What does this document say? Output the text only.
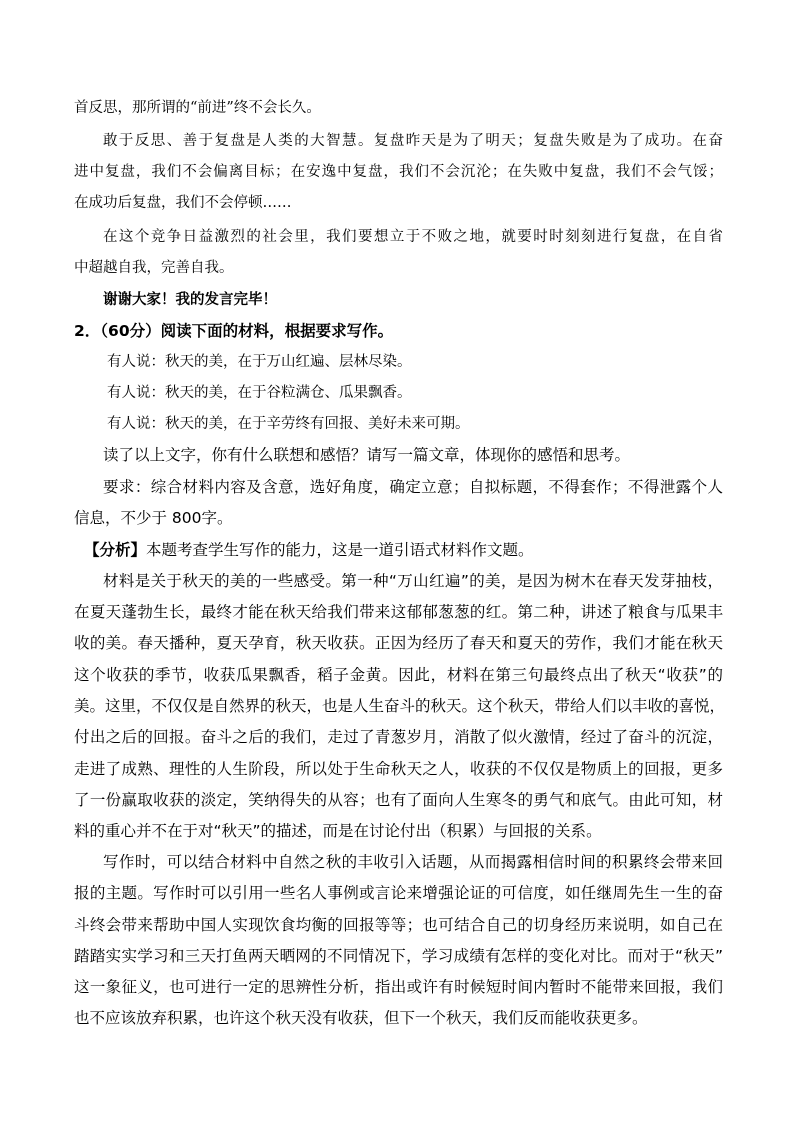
首反思，那所谓的“前进”终不会长久。
敢于反思、善于复盘是人类的大智慧。复盘昨天是为了明天；复盘失败是为了成功。在奋
进中复盘，我们不会偏离目标；在安逸中复盘，我们不会沉沦；在失败中复盘，我们不会气馁；
在成功后复盘，我们不会停顿……
在这个竞争日益激烈的社会里，我们要想立于不败之地，就要时时刻刻进行复盘，在自省
中超越自我，完善自我。
谢谢大家！我的发言完毕！
2．（60分）阅读下面的材料，根据要求写作。
有人说：秋天的美，在于万山红遍、层林尽染。
有人说：秋天的美，在于谷粒满仓、瓜果飘香。
有人说：秋天的美，在于辛劳终有回报、美好未来可期。
读了以上文字，你有什么联想和感悟？请写一篇文章，体现你的感悟和思考。
要求：综合材料内容及含意，选好角度，确定立意；自拟标题，不得套作；不得泄露个人
信息，不少于 800字。
【分析】本题考查学生写作的能力，这是一道引语式材料作文题。
材料是关于秋天的美的一些感受。第一种“万山红遍”的美，是因为树木在春天发芽抽枝，
在夏天蓬勃生长，最终才能在秋天给我们带来这郁郁葱葱的红。第二种，讲述了粮食与瓜果丰
收的美。春天播种，夏天孕育，秋天收获。正因为经历了春天和夏天的劳作，我们才能在秋天
这个收获的季节，收获瓜果飘香，稻子金黄。因此，材料在第三句最终点出了秋天“收获”的
美。这里，不仅仅是自然界的秋天，也是人生奋斗的秋天。这个秋天，带给人们以丰收的喜悦，
付出之后的回报。奋斗之后的我们，走过了青葱岁月，消散了似火激情，经过了奋斗的沉淀，
走进了成熟、理性的人生阶段，所以处于生命秋天之人，收获的不仅仅是物质上的回报，更多
了一份赢取收获的淡定，笑纳得失的从容；也有了面向人生寒冬的勇气和底气。由此可知，材
料的重心并不在于对“秋天”的描述，而是在讨论付出（积累）与回报的关系。
写作时，可以结合材料中自然之秋的丰收引入话题，从而揭露相信时间的积累终会带来回
报的主题。写作时可以引用一些名人事例或言论来增强论证的可信度，如任继周先生一生的奋
斗终会带来帮助中国人实现饮食均衡的回报等等；也可结合自己的切身经历来说明，如自己在
踏踏实实学习和三天打鱼两天晒网的不同情况下，学习成绩有怎样的变化对比。而对于“秋天”
这一象征义，也可进行一定的思辨性分析，指出或许有时候短时间内暂时不能带来回报，我们
也不应该放弃积累，也许这个秋天没有收获，但下一个秋天，我们反而能收获更多。
